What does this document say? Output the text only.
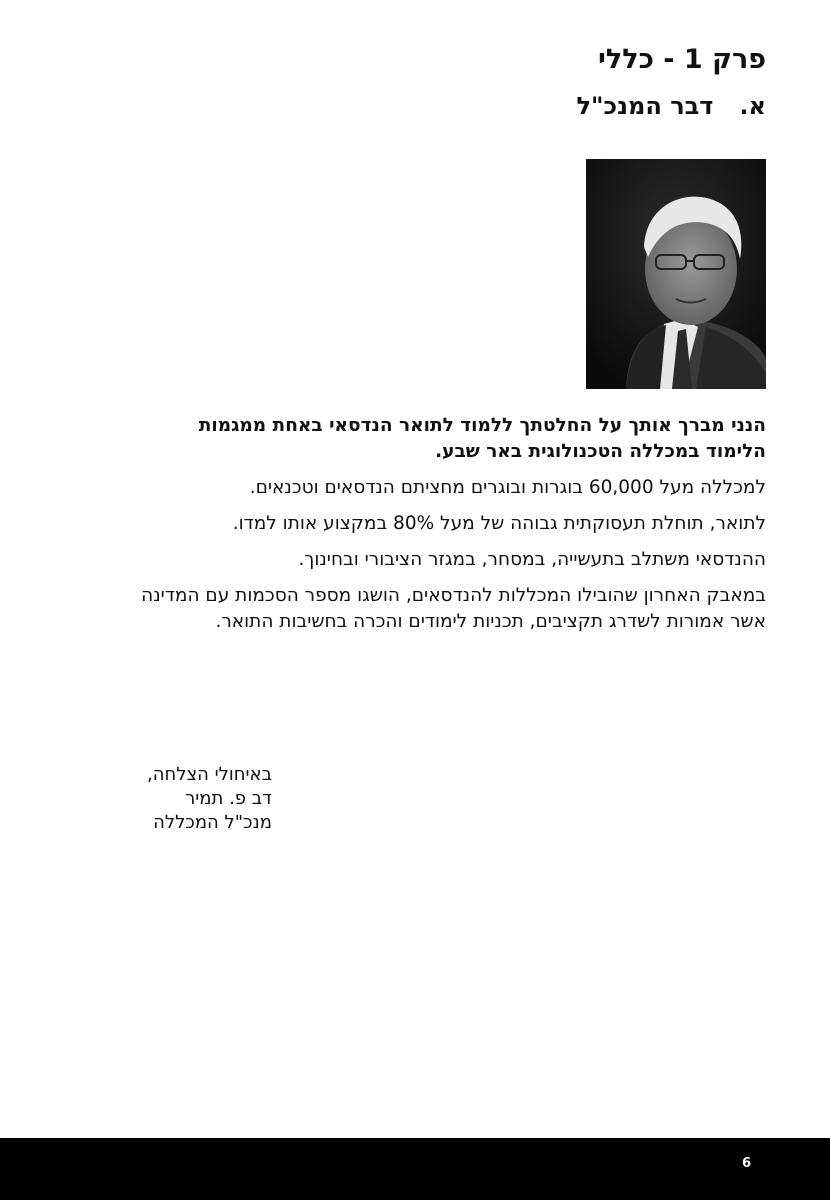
פרק 1 - כללי
א.דבר המנכ"ל

הנני מברך אותך על החלטתך ללמוד לתואר הנדסאי באחת ממגמות הלימוד במכללה הטכנולוגית באר שבע.

למכללה מעל 60,000 בוגרות ובוגרים מחציתם הנדסאים וטכנאים.

לתואר, תוחלת תעסוקתית גבוהה של מעל 80% במקצוע אותו למדו.

ההנדסאי משתלב בתעשייה, במסחר, במגזר הציבורי ובחינוך.

במאבק האחרון שהובילו המכללות להנדסאים, הושגו מספר הסכמות עם המדינה אשר אמורות לשדרג תקציבים, תכניות לימודים והכרה בחשיבות התואר.

באיחולי הצלחה,
דב פ. תמיר
מנכ"ל המכללה
6
